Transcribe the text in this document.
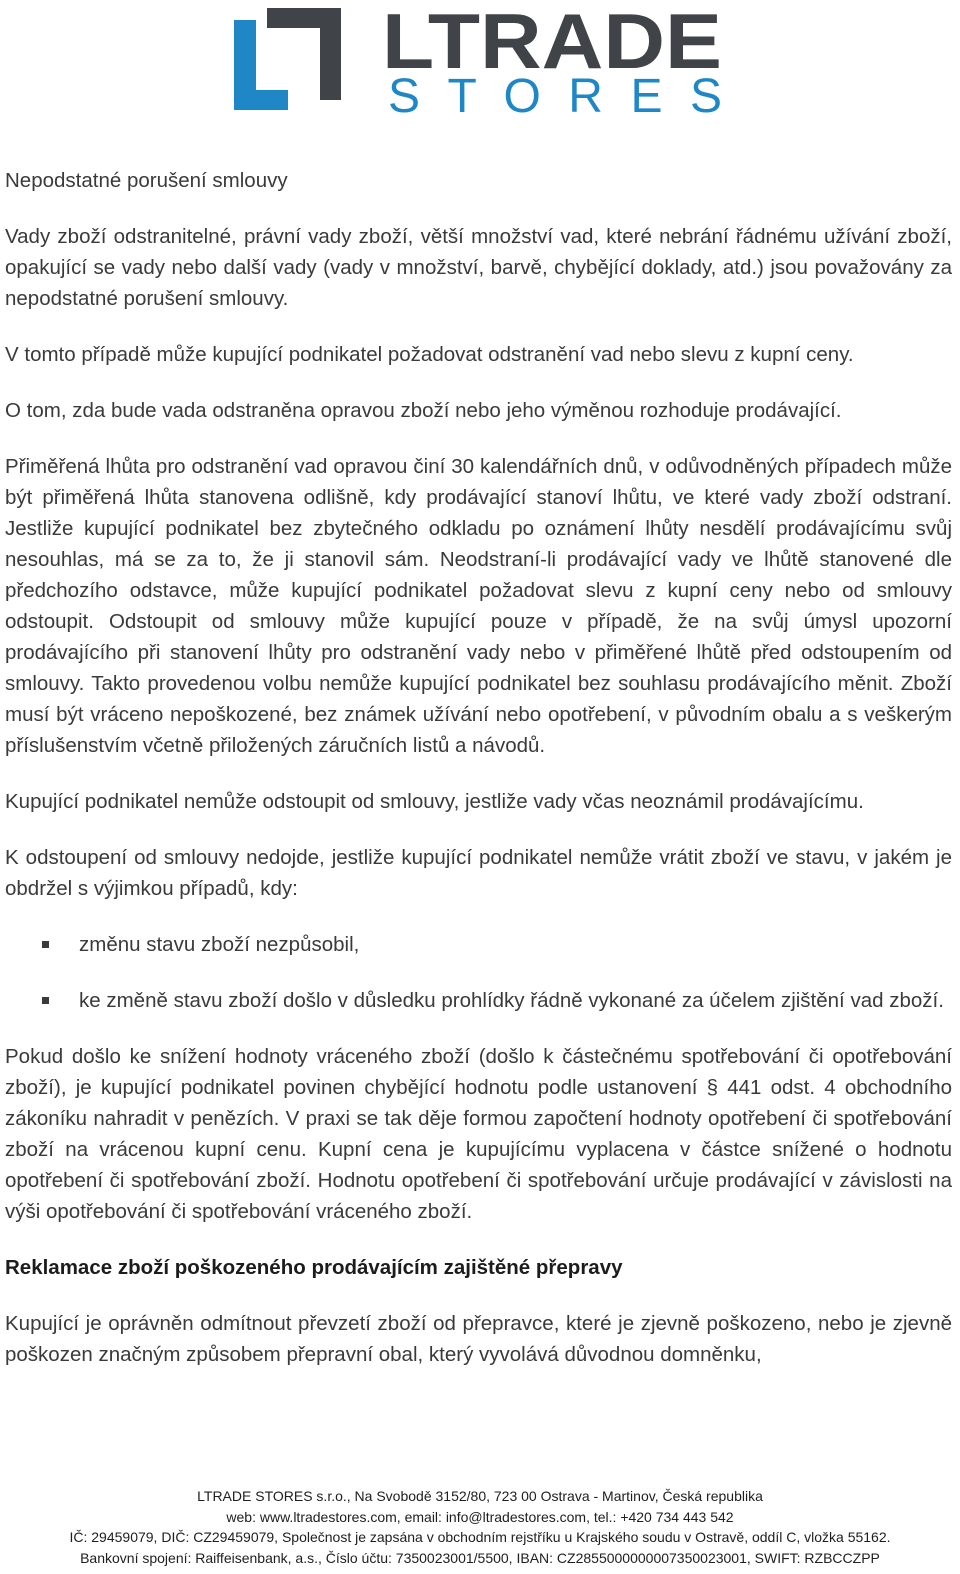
LTRADE
STORES

Nepodstatné porušení smlouvy

Vady zboží odstranitelné, právní vady zboží, větší množství vad, které nebrání řádnému užívání zboží, opakující se vady nebo další vady (vady v množství, barvě, chybějící doklady, atd.) jsou považovány za nepodstatné porušení smlouvy.

V tomto případě může kupující podnikatel požadovat odstranění vad nebo slevu z kupní ceny.

O tom, zda bude vada odstraněna opravou zboží nebo jeho výměnou rozhoduje prodávající.

Přiměřená lhůta pro odstranění vad opravou činí 30 kalendářních dnů, v odůvodněných případech může být přiměřená lhůta stanovena odlišně, kdy prodávající stanoví lhůtu, ve které vady zboží odstraní. Jestliže kupující podnikatel bez zbytečného odkladu po oznámení lhůty nesdělí prodávajícímu svůj nesouhlas, má se za to, že ji stanovil sám. Neodstraní-li prodávající vady ve lhůtě stanovené dle předchozího odstavce, může kupující podnikatel požadovat slevu z kupní ceny nebo od smlouvy odstoupit. Odstoupit od smlouvy může kupující pouze v případě, že na svůj úmysl upozorní prodávajícího při stanovení lhůty pro odstranění vady nebo v přiměřené lhůtě před odstoupením od smlouvy. Takto provedenou volbu nemůže kupující podnikatel bez souhlasu prodávajícího měnit. Zboží musí být vráceno nepoškozené, bez známek užívání nebo opotřebení, v původním obalu a s veškerým příslušenstvím včetně přiložených záručních listů a návodů.

Kupující podnikatel nemůže odstoupit od smlouvy, jestliže vady včas neoznámil prodávajícímu.

K odstoupení od smlouvy nedojde, jestliže kupující podnikatel nemůže vrátit zboží ve stavu, v jakém je obdržel s výjimkou případů, kdy:

změnu stavu zboží nezpůsobil,
ke změně stavu zboží došlo v důsledku prohlídky řádně vykonané za účelem zjištění vad zboží.

Pokud došlo ke snížení hodnoty vráceného zboží (došlo k částečnému spotřebování či opotřebování zboží), je kupující podnikatel povinen chybějící hodnotu podle ustanovení § 441 odst. 4 obchodního zákoníku nahradit v penězích. V praxi se tak děje formou započtení hodnoty opotřebení či spotřebování zboží na vrácenou kupní cenu. Kupní cena je kupujícímu vyplacena v částce snížené o hodnotu opotřebení či spotřebování zboží. Hodnotu opotřebení či spotřebování určuje prodávající v závislosti na výši opotřebování či spotřebování vráceného zboží.

Reklamace zboží poškozeného prodávajícím zajištěné přepravy

Kupující je oprávněn odmítnout převzetí zboží od přepravce, které je zjevně poškozeno, nebo je zjevně poškozen značným způsobem přepravní obal, který vyvolává důvodnou domněnku,

LTRADE STORES s.r.o., Na Svobodě 3152/80, 723 00 Ostrava - Martinov, Česká republika
web: www.ltradestores.com, email: info@ltradestores.com, tel.: +420 734 443 542
IČ: 29459079, DIČ: CZ29459079, Společnost je zapsána v obchodním rejstříku u Krajského soudu v Ostravě, oddíl C, vložka 55162.
Bankovní spojení: Raiffeisenbank, a.s., Číslo účtu: 7350023001/5500, IBAN: CZ2855000000007350023001, SWIFT: RZBCCZPP
